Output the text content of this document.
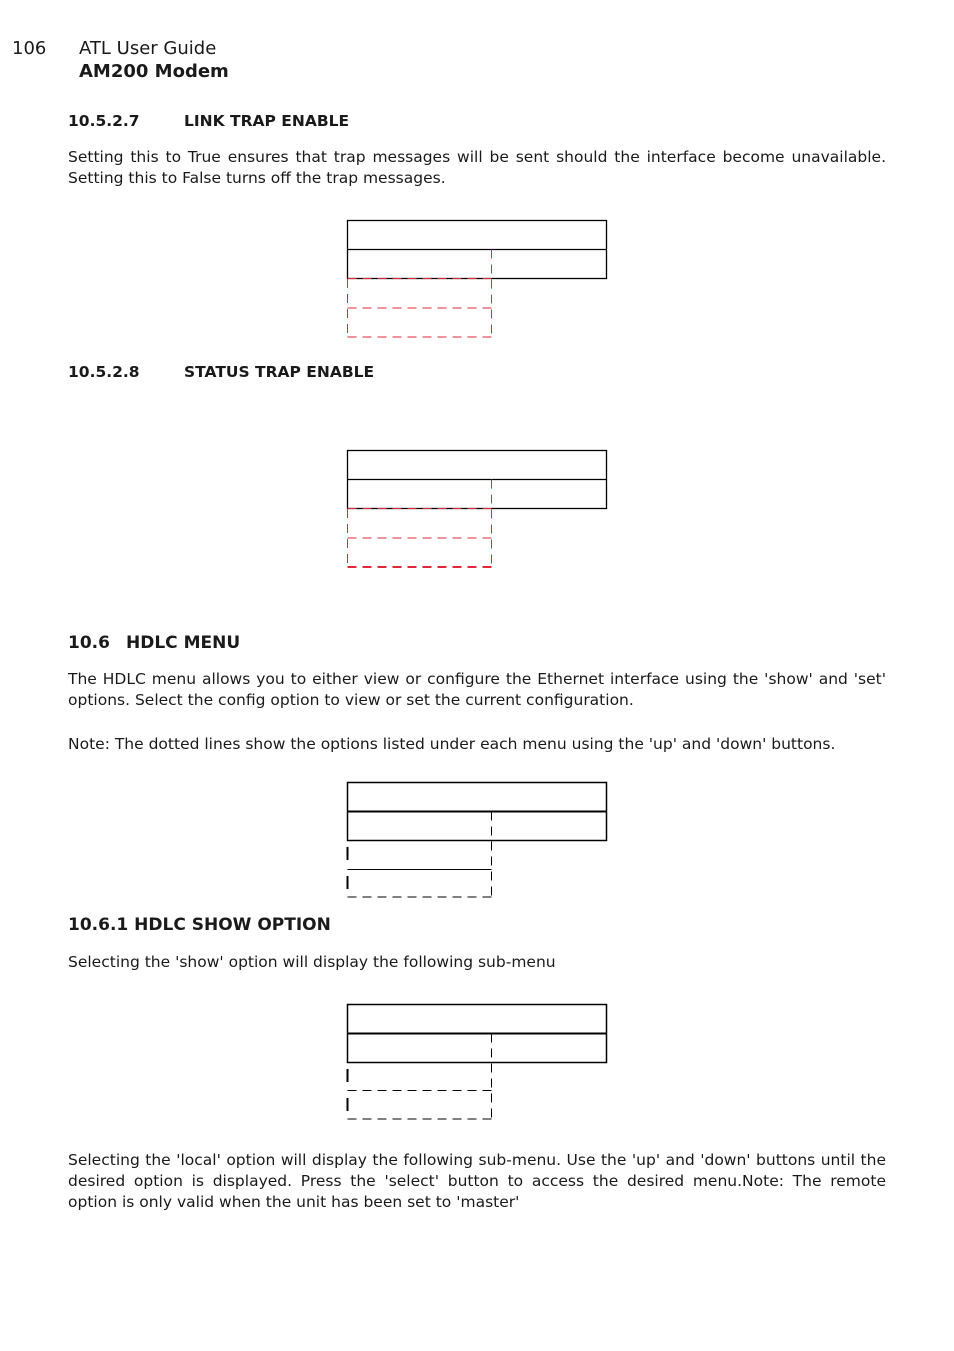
106 ATL User Guide
AM200 Modem
10.5.2.7	LINK TRAP ENABLE
Setting this to True ensures that trap messages will be sent should the interface become unavailable. Setting this to False turns off the trap messages.
10.5.2.8	STATUS TRAP ENABLE
10.6 HDLC MENU
The HDLC menu allows you to either view or configure the Ethernet interface using the 'show' and 'set' options. Select the config option to view or set the current configuration.
Note: The dotted lines show the options listed under each menu using the 'up' and 'down' buttons.
10.6.1 HDLC SHOW OPTION
Selecting the 'show' option will display the following sub-menu
Selecting the 'local' option will display the following sub-menu. Use the 'up' and 'down' buttons until the desired option is displayed. Press the 'select' button to access the desired menu.Note: The remote option is only valid when the unit has been set to 'master'
